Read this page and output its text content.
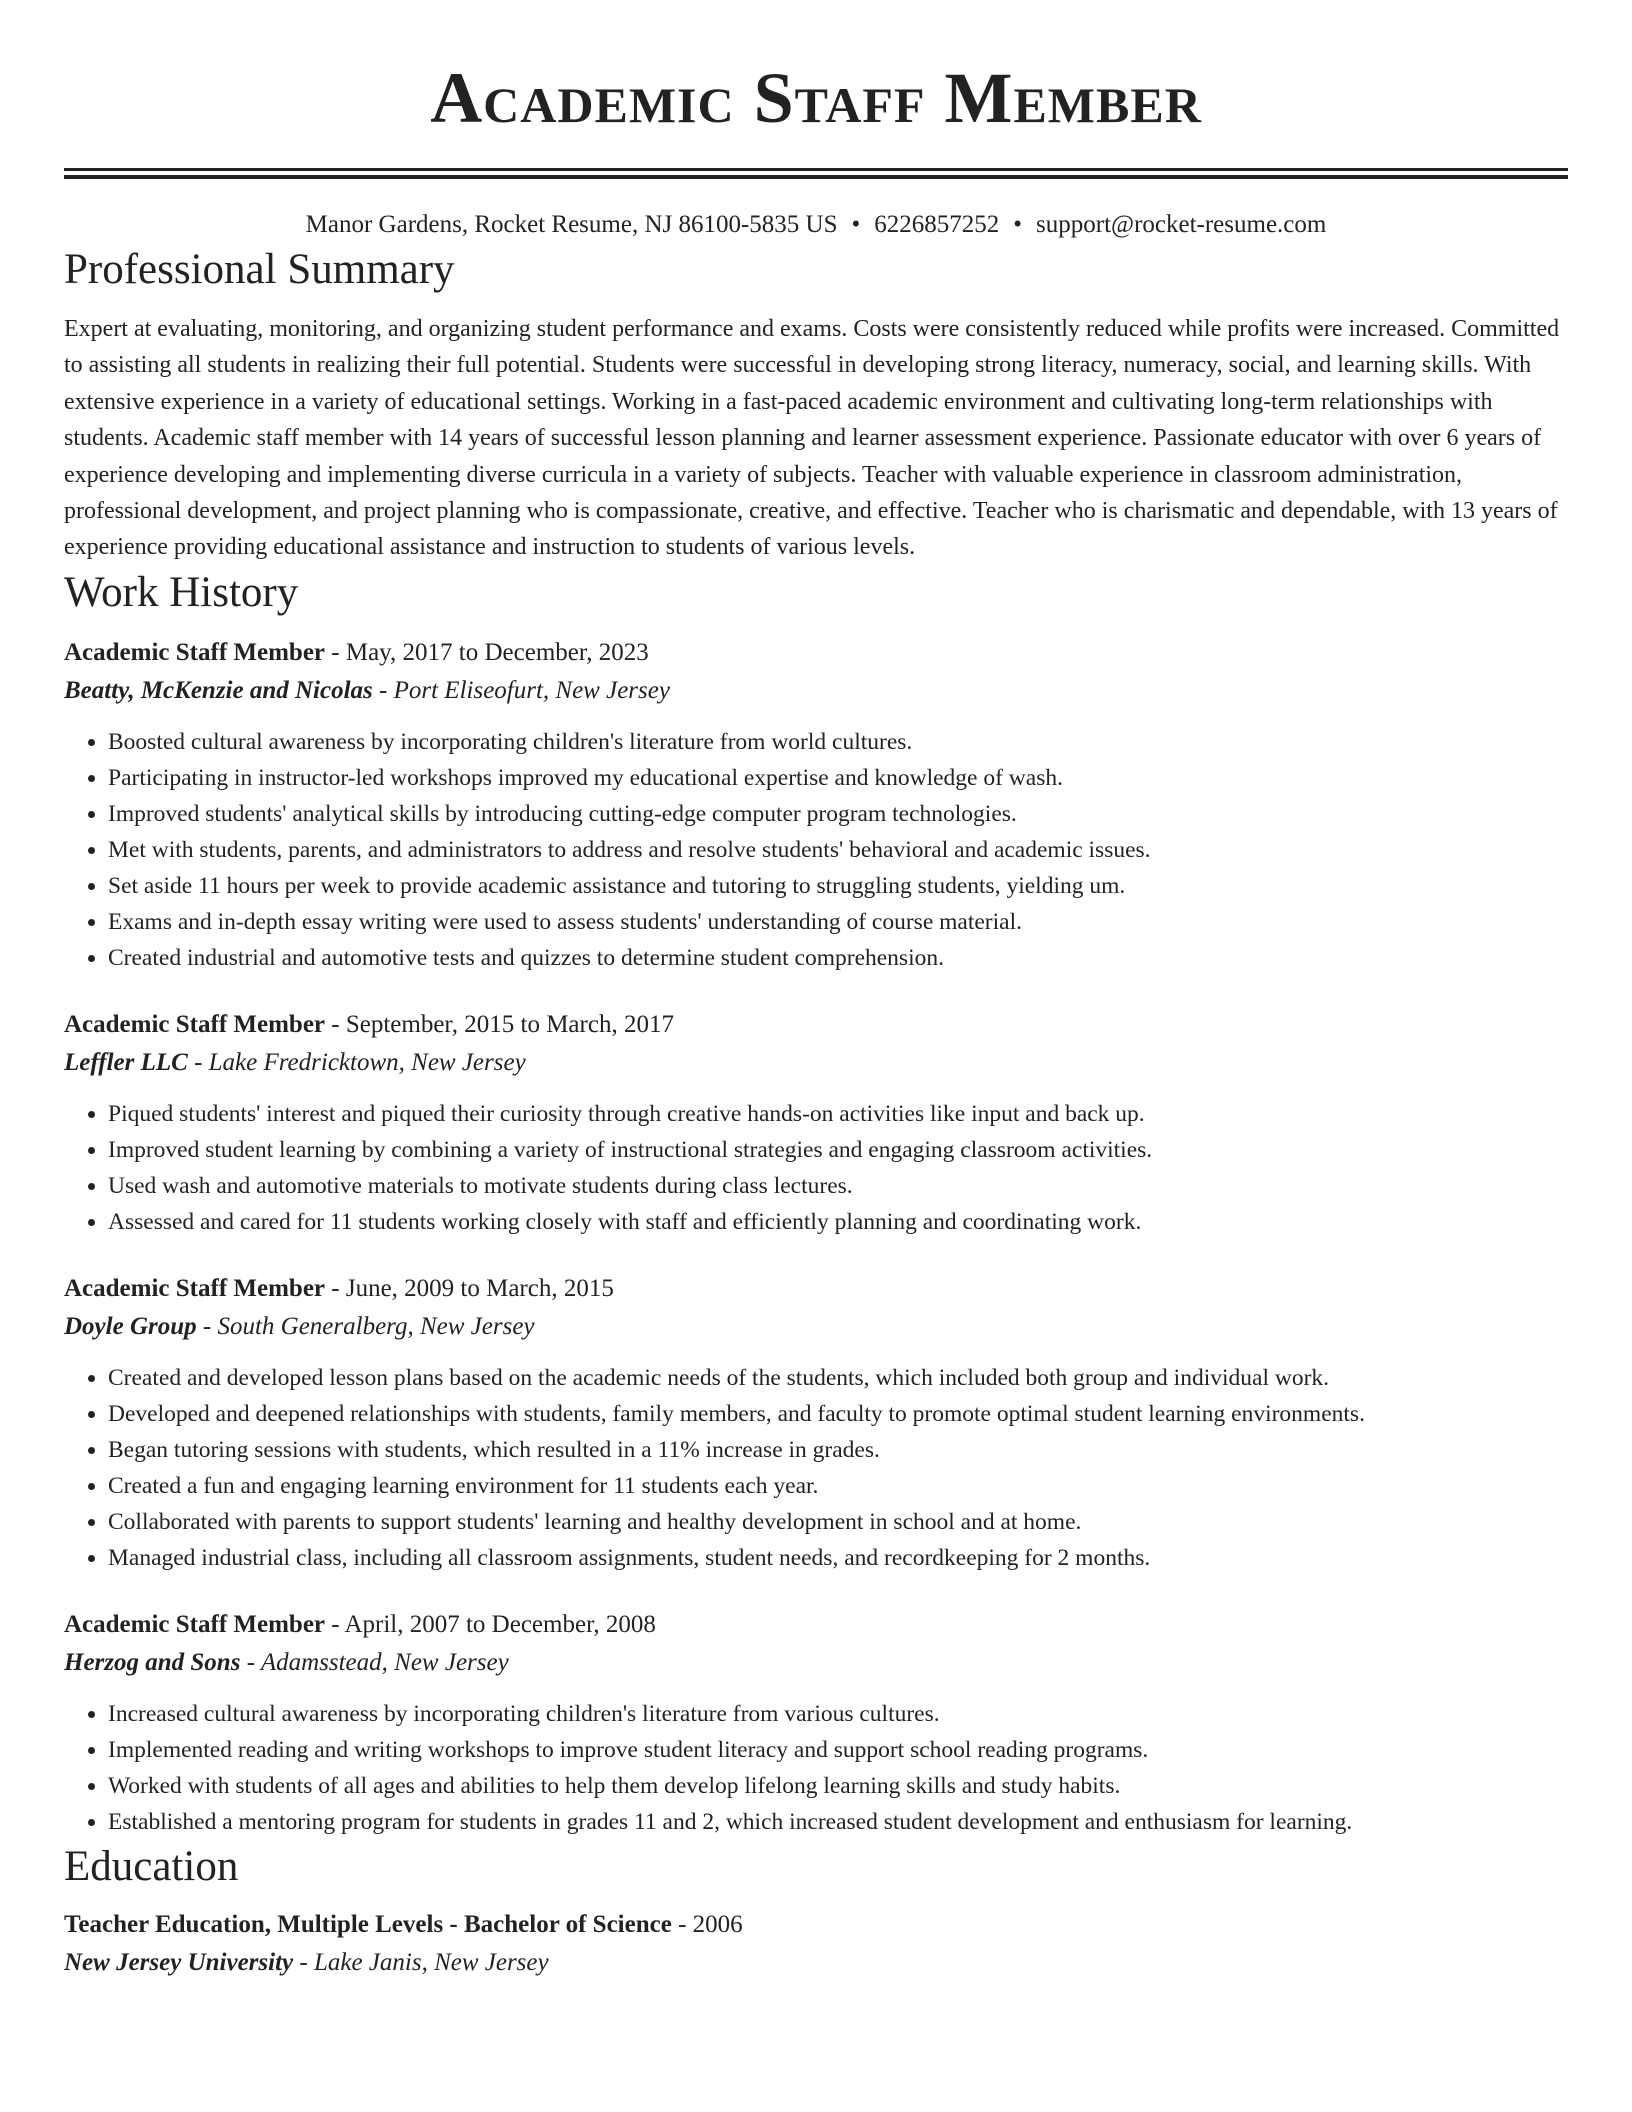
Academic Staff Member
Manor Gardens, Rocket Resume, NJ 86100-5835 US • 6226857252 • support@rocket-resume.com
Professional Summary
Expert at evaluating, monitoring, and organizing student performance and exams. Costs were consistently reduced while profits were increased. Committed to assisting all students in realizing their full potential. Students were successful in developing strong literacy, numeracy, social, and learning skills. With extensive experience in a variety of educational settings. Working in a fast-paced academic environment and cultivating long-term relationships with students. Academic staff member with 14 years of successful lesson planning and learner assessment experience. Passionate educator with over 6 years of experience developing and implementing diverse curricula in a variety of subjects. Teacher with valuable experience in classroom administration, professional development, and project planning who is compassionate, creative, and effective. Teacher who is charismatic and dependable, with 13 years of experience providing educational assistance and instruction to students of various levels.
Work History
Academic Staff Member - May, 2017 to December, 2023
Beatty, McKenzie and Nicolas - Port Eliseofurt, New Jersey
• Boosted cultural awareness by incorporating children's literature from world cultures.
• Participating in instructor-led workshops improved my educational expertise and knowledge of wash.
• Improved students' analytical skills by introducing cutting-edge computer program technologies.
• Met with students, parents, and administrators to address and resolve students' behavioral and academic issues.
• Set aside 11 hours per week to provide academic assistance and tutoring to struggling students, yielding um.
• Exams and in-depth essay writing were used to assess students' understanding of course material.
• Created industrial and automotive tests and quizzes to determine student comprehension.
Academic Staff Member - September, 2015 to March, 2017
Leffler LLC - Lake Fredricktown, New Jersey
• Piqued students' interest and piqued their curiosity through creative hands-on activities like input and back up.
• Improved student learning by combining a variety of instructional strategies and engaging classroom activities.
• Used wash and automotive materials to motivate students during class lectures.
• Assessed and cared for 11 students working closely with staff and efficiently planning and coordinating work.
Academic Staff Member - June, 2009 to March, 2015
Doyle Group - South Generalberg, New Jersey
• Created and developed lesson plans based on the academic needs of the students, which included both group and individual work.
• Developed and deepened relationships with students, family members, and faculty to promote optimal student learning environments.
• Began tutoring sessions with students, which resulted in a 11% increase in grades.
• Created a fun and engaging learning environment for 11 students each year.
• Collaborated with parents to support students' learning and healthy development in school and at home.
• Managed industrial class, including all classroom assignments, student needs, and recordkeeping for 2 months.
Academic Staff Member - April, 2007 to December, 2008
Herzog and Sons - Adamsstead, New Jersey
• Increased cultural awareness by incorporating children's literature from various cultures.
• Implemented reading and writing workshops to improve student literacy and support school reading programs.
• Worked with students of all ages and abilities to help them develop lifelong learning skills and study habits.
• Established a mentoring program for students in grades 11 and 2, which increased student development and enthusiasm for learning.
Education
Teacher Education, Multiple Levels - Bachelor of Science - 2006
New Jersey University - Lake Janis, New Jersey
